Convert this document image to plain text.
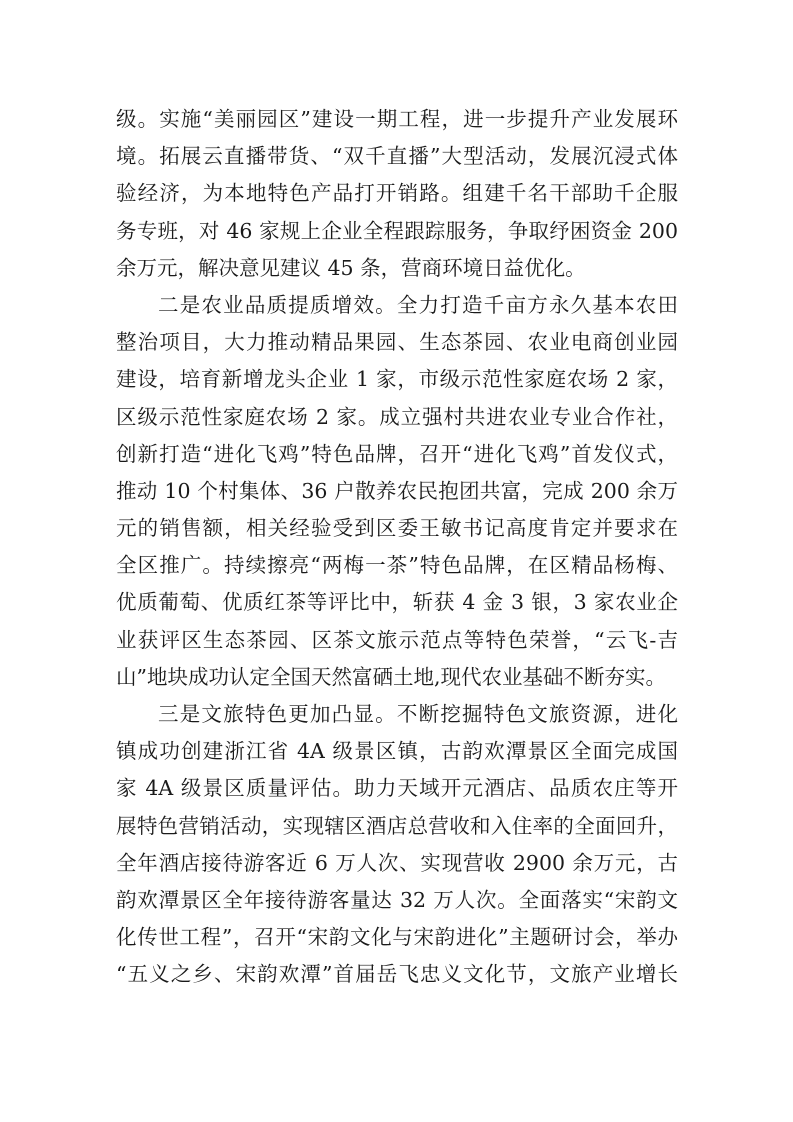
级。实施“美丽园区”建设一期工程，进一步提升产业发展环
境。拓展云直播带货、“双千直播”大型活动，发展沉浸式体
验经济，为本地特色产品打开销路。组建千名干部助千企服
务专班，对 46 家规上企业全程跟踪服务，争取纾困资金 200
余万元，解决意见建议 45 条，营商环境日益优化。
二是农业品质提质增效。全力打造千亩方永久基本农田
整治项目，大力推动精品果园、生态茶园、农业电商创业园
建设，培育新增龙头企业 1 家，市级示范性家庭农场 2 家，
区级示范性家庭农场 2 家。成立强村共进农业专业合作社，
创新打造“进化飞鸡”特色品牌，召开“进化飞鸡”首发仪式，
推动 10 个村集体、36 户散养农民抱团共富，完成 200 余万
元的销售额，相关经验受到区委王敏书记高度肯定并要求在
全区推广。持续擦亮“两梅一茶”特色品牌，在区精品杨梅、
优质葡萄、优质红茶等评比中，斩获 4 金 3 银，3 家农业企
业获评区生态茶园、区茶文旅示范点等特色荣誉，“云飞-吉
山”地块成功认定全国天然富硒土地,现代农业基础不断夯实。
三是文旅特色更加凸显。不断挖掘特色文旅资源，进化
镇成功创建浙江省 4A 级景区镇，古韵欢潭景区全面完成国
家 4A 级景区质量评估。助力天域开元酒店、品质农庄等开
展特色营销活动，实现辖区酒店总营收和入住率的全面回升，
全年酒店接待游客近 6 万人次、实现营收 2900 余万元，古
韵欢潭景区全年接待游客量达 32 万人次。全面落实“宋韵文
化传世工程”，召开“宋韵文化与宋韵进化”主题研讨会，举办
“五义之乡、宋韵欢潭”首届岳飞忠义文化节，文旅产业增长
